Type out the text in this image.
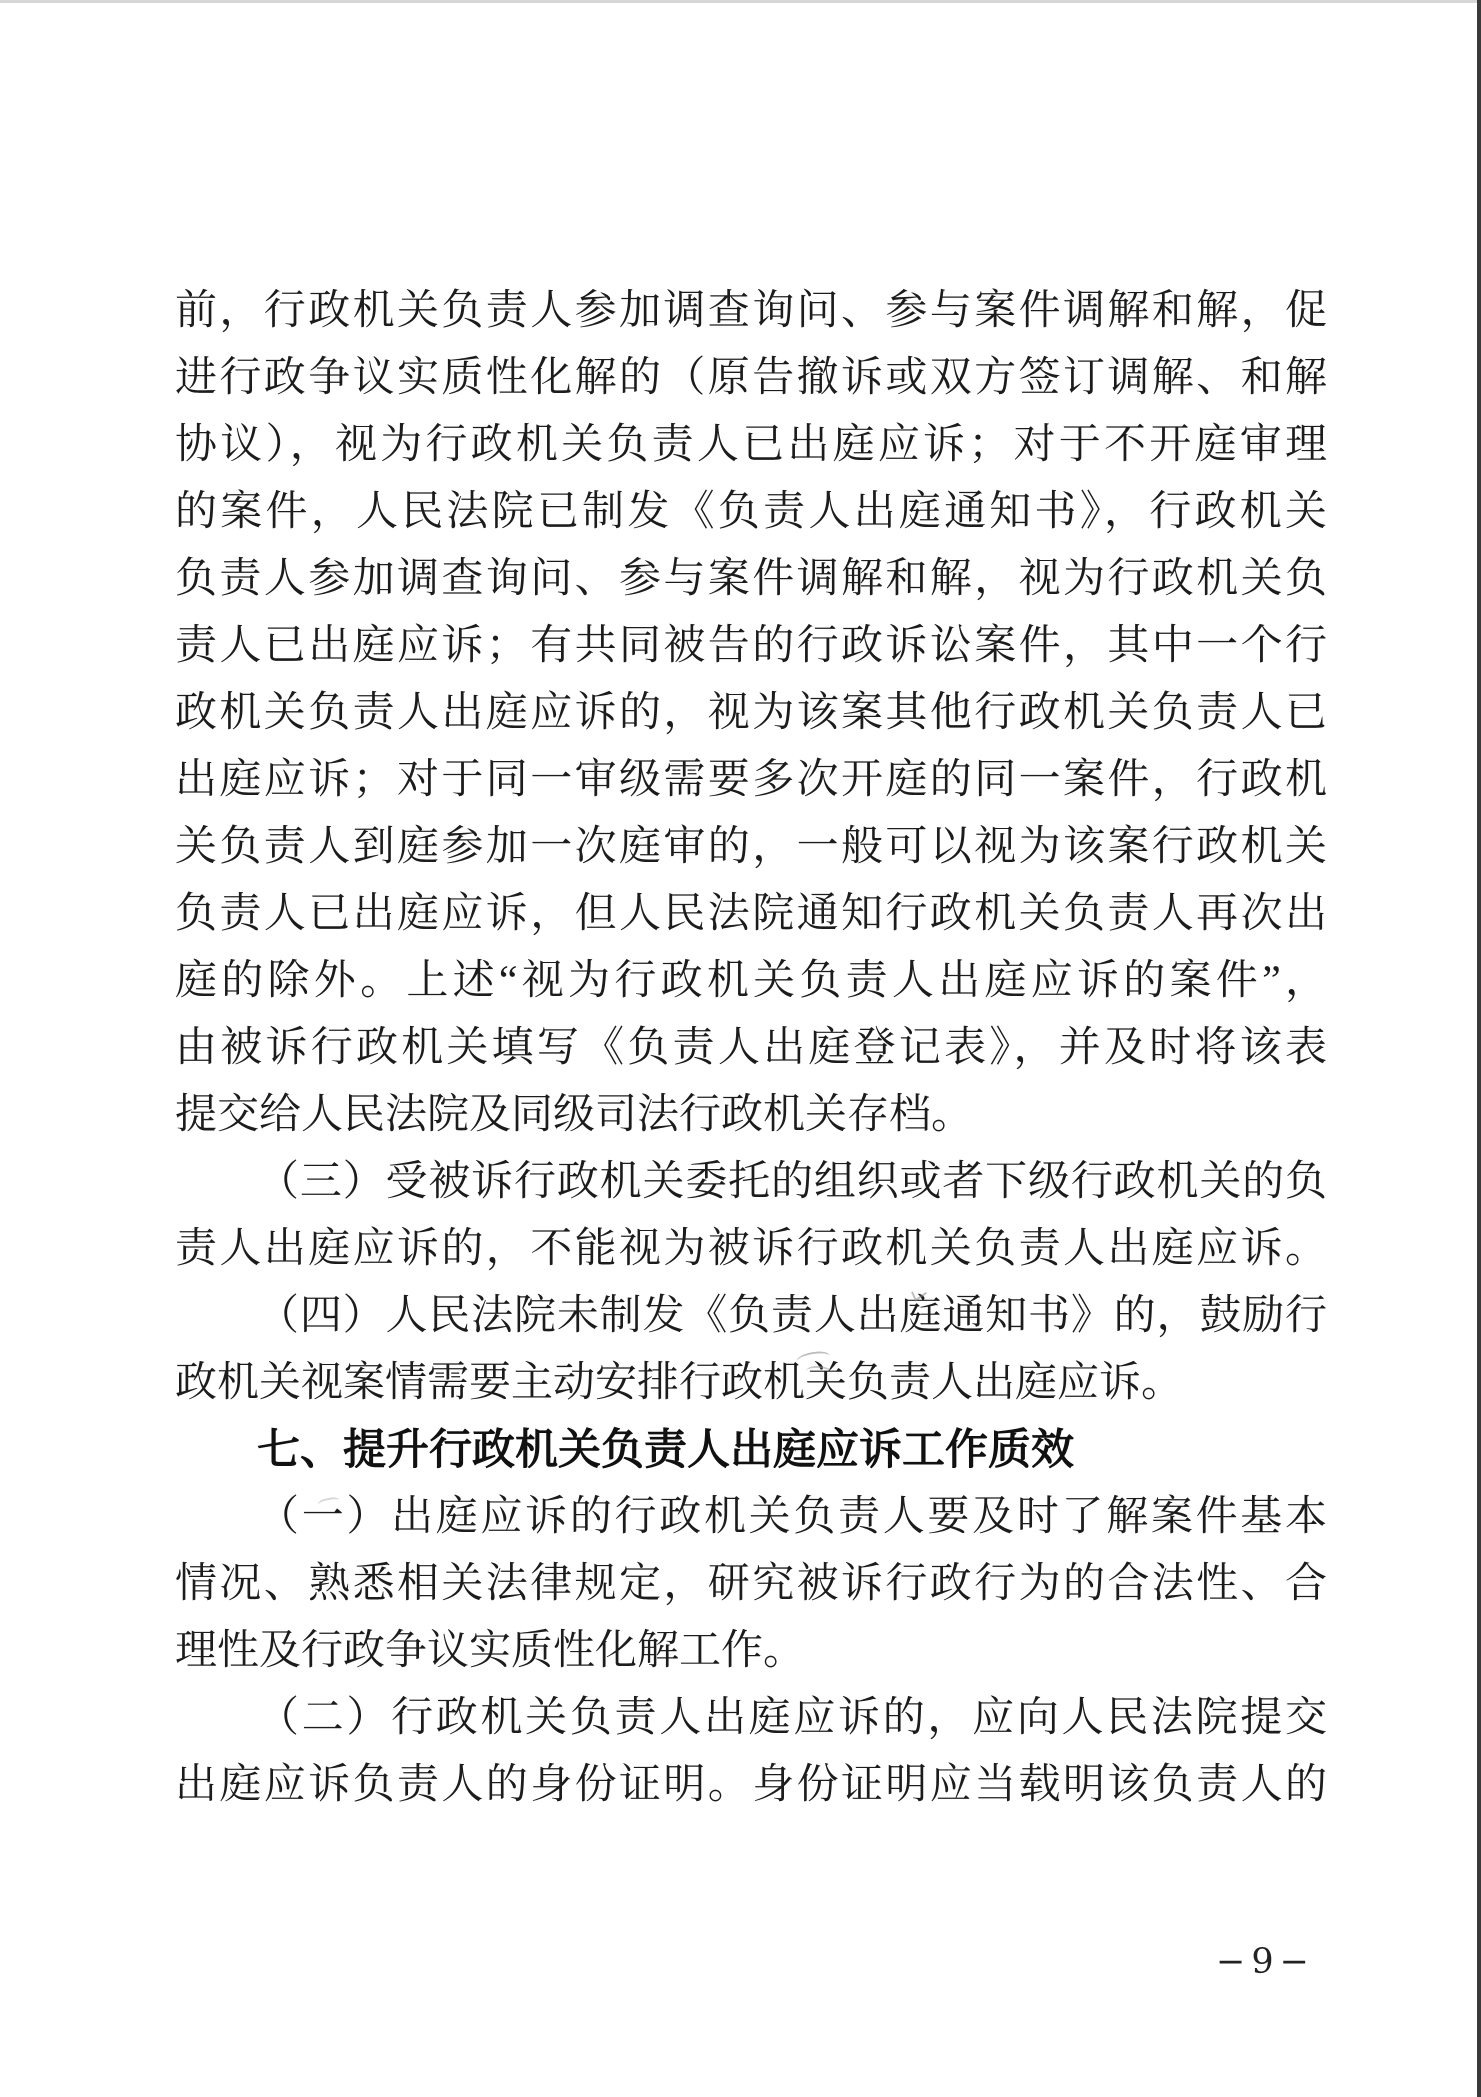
前，行政机关负责人参加调查询问、参与案件调解和解，促
进行政争议实质性化解的（原告撤诉或双方签订调解、和解
协议），视为行政机关负责人已出庭应诉；对于不开庭审理
的案件，人民法院已制发《负责人出庭通知书》，行政机关
负责人参加调查询问、参与案件调解和解，视为行政机关负
责人已出庭应诉；有共同被告的行政诉讼案件，其中一个行
政机关负责人出庭应诉的，视为该案其他行政机关负责人已
出庭应诉；对于同一审级需要多次开庭的同一案件，行政机
关负责人到庭参加一次庭审的，一般可以视为该案行政机关
负责人已出庭应诉，但人民法院通知行政机关负责人再次出
庭的除外。上述“视为行政机关负责人出庭应诉的案件”，
由被诉行政机关填写《负责人出庭登记表》，并及时将该表
提交给人民法院及同级司法行政机关存档。
（三）受被诉行政机关委托的组织或者下级行政机关的负
责人出庭应诉的，不能视为被诉行政机关负责人出庭应诉。
（四）人民法院未制发《负责人出庭通知书》的，鼓励行
政机关视案情需要主动安排行政机关负责人出庭应诉。
七、提升行政机关负责人出庭应诉工作质效
（一）出庭应诉的行政机关负责人要及时了解案件基本
情况、熟悉相关法律规定，研究被诉行政行为的合法性、合
理性及行政争议实质性化解工作。
（二）行政机关负责人出庭应诉的，应向人民法院提交
出庭应诉负责人的身份证明。身份证明应当载明该负责人的
−9−
